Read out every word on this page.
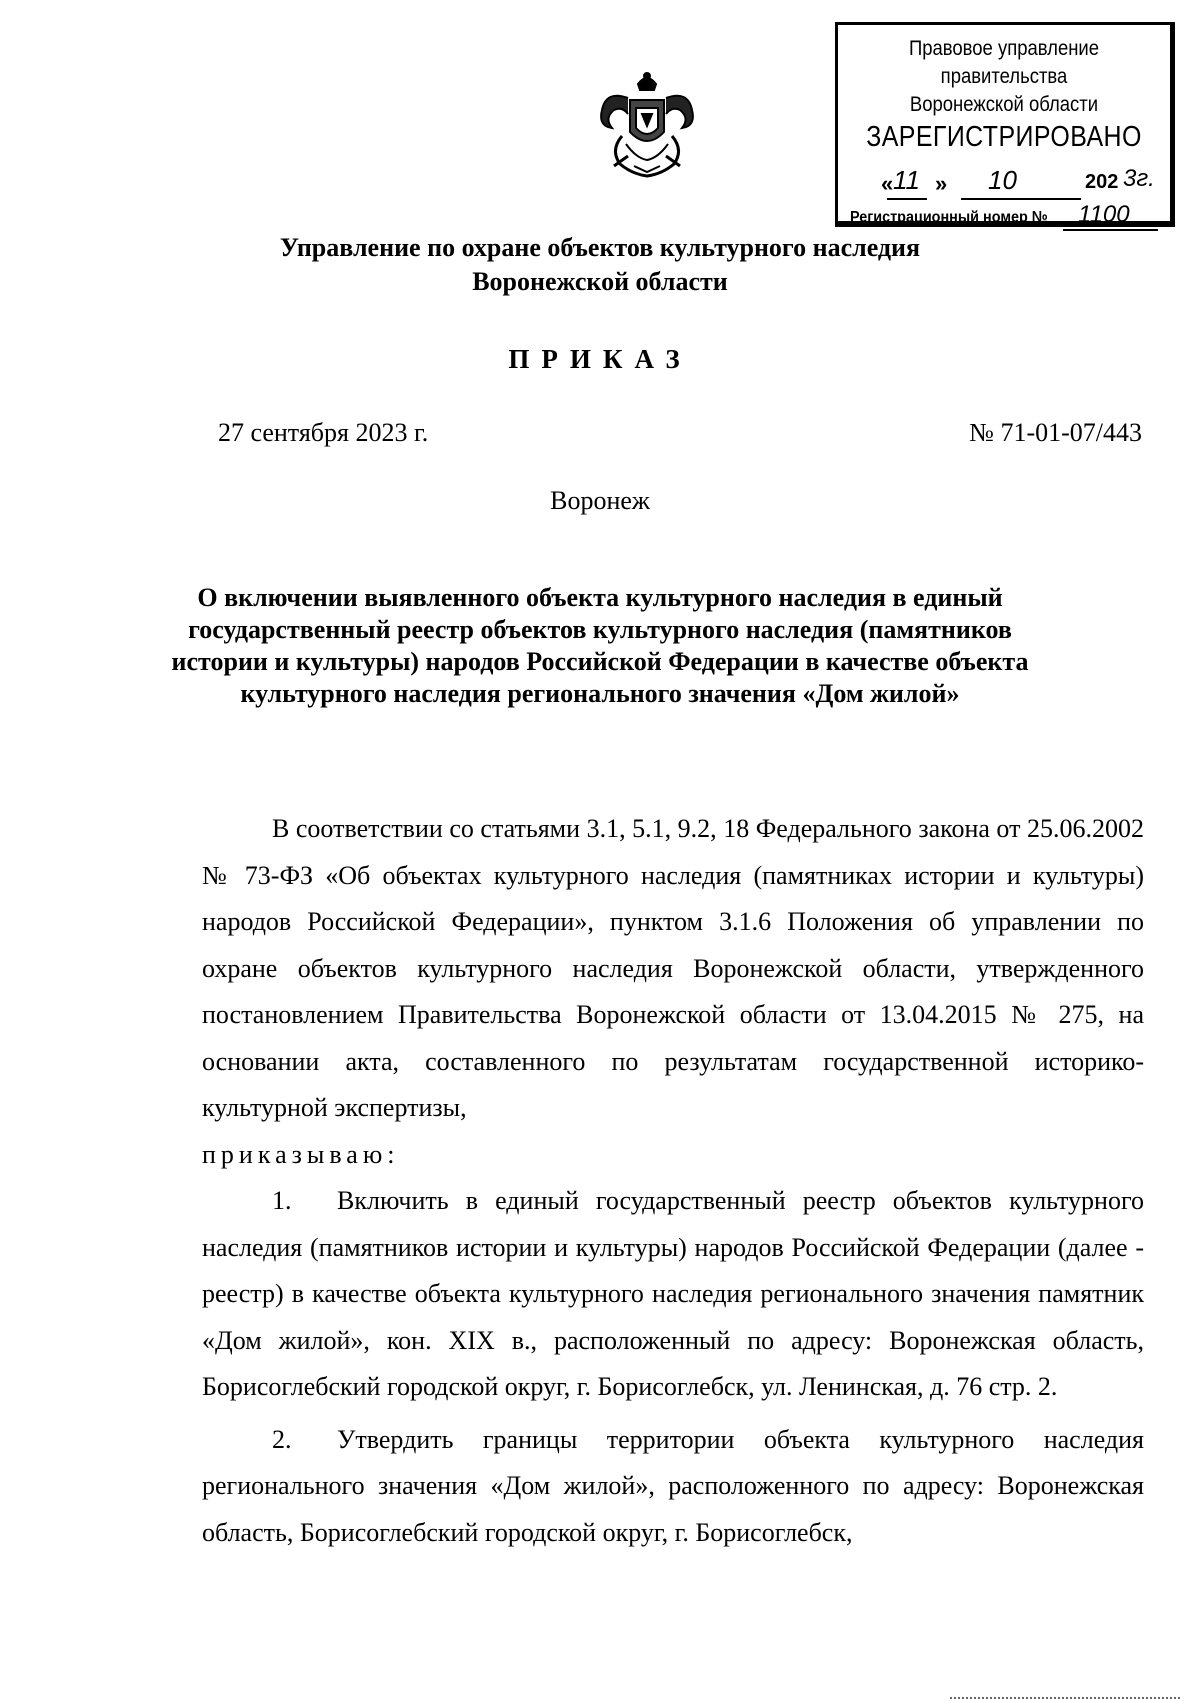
Правовое управление правительства
Воронежской области
ЗАРЕГИСТРИРОВАНО
« 11 » 10	202 3г.
Регистрационный номер № 1100
Управление по охране объектов культурного наследия
Воронежской области
ПРИКАЗ
27 сентября 2023 г.	№ 71-01-07/443
Воронеж
О включении выявленного объекта культурного наследия в единый государственный реестр объектов культурного наследия (памятников истории и культуры) народов Российской Федерации в качестве объекта культурного наследия регионального значения «Дом жилой»

В соответствии со статьями 3.1, 5.1, 9.2, 18 Федерального закона от 25.06.2002 № 73-ФЗ «Об объектах культурного наследия (памятниках истории и культуры) народов Российской Федерации», пунктом 3.1.6 Положения об управлении по охране объектов культурного наследия Воронежской области, утвержденного постановлением Правительства Воронежской области от 13.04.2015 № 275, на основании акта, составленного по результатам государственной историко-культурной экспертизы,

приказываю:

1. Включить в единый государственный реестр объектов культурного наследия (памятников истории и культуры) народов Российской Федерации (далее - реестр) в качестве объекта культурного наследия регионального значения памятник «Дом жилой», кон. XIX в., расположенный по адресу: Воронежская область, Борисоглебский городской округ, г. Борисоглебск, ул. Ленинская, д. 76 стр. 2.

2. Утвердить границы территории объекта культурного наследия регионального значения «Дом жилой», расположенного по адресу: Воронежская область, Борисоглебский городской округ, г. Борисоглебск,
